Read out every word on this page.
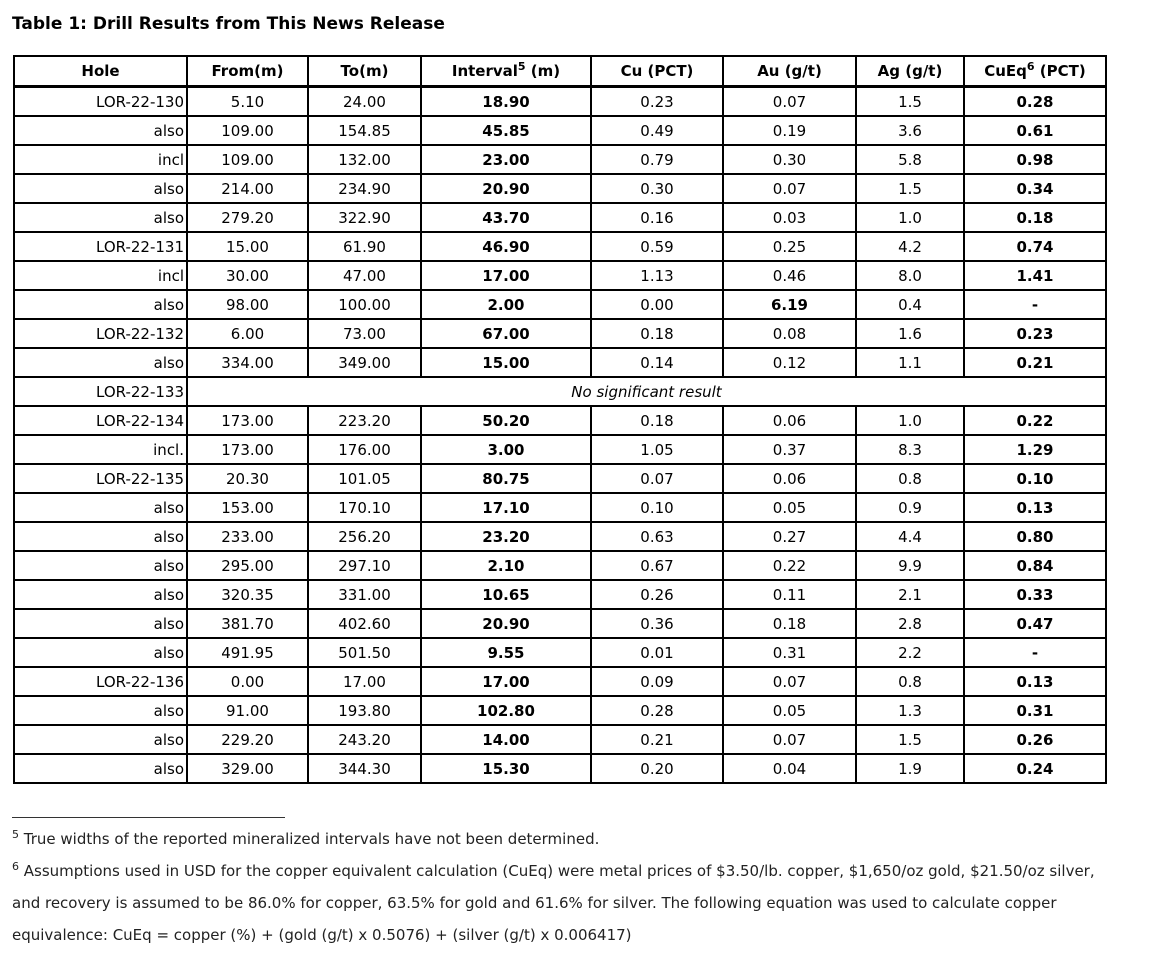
Table 1: Drill Results from This News Release
Hole	From(m)	To(m)	Interval$^5$ (m)	Cu (PCT)	Au (g/t)	Ag (g/t)	CuEq$^6$ (PCT)
LOR-22-130	5.10	24.00	18.90	0.23	0.07	1.5	0.28
also	109.00	154.85	45.85	0.49	0.19	3.6	0.61
incl	109.00	132.00	23.00	0.79	0.30	5.8	0.98
also	214.00	234.90	20.90	0.30	0.07	1.5	0.34
also	279.20	322.90	43.70	0.16	0.03	1.0	0.18
LOR-22-131	15.00	61.90	46.90	0.59	0.25	4.2	0.74
incl	30.00	47.00	17.00	1.13	0.46	8.0	1.41
also	98.00	100.00	2.00	0.00	6.19	0.4	-
LOR-22-132	6.00	73.00	67.00	0.18	0.08	1.6	0.23
also	334.00	349.00	15.00	0.14	0.12	1.1	0.21
LOR-22-133	No significant result						
LOR-22-134	173.00	223.20	50.20	0.18	0.06	1.0	0.22
incl.	173.00	176.00	3.00	1.05	0.37	8.3	1.29
LOR-22-135	20.30	101.05	80.75	0.07	0.06	0.8	0.10
also	153.00	170.10	17.10	0.10	0.05	0.9	0.13
also	233.00	256.20	23.20	0.63	0.27	4.4	0.80
also	295.00	297.10	2.10	0.67	0.22	9.9	0.84
also	320.35	331.00	10.65	0.26	0.11	2.1	0.33
also	381.70	402.60	20.90	0.36	0.18	2.8	0.47
also	491.95	501.50	9.55	0.01	0.31	2.2	-
LOR-22-136	0.00	17.00	17.00	0.09	0.07	0.8	0.13
also	91.00	193.80	102.80	0.28	0.05	1.3	0.31
also	229.20	243.20	14.00	0.21	0.07	1.5	0.26
also	329.00	344.30	15.30	0.20	0.04	1.9	0.24

$^5$ True widths of the reported mineralized intervals have not been determined.

$^6$ Assumptions used in USD for the copper equivalent calculation (CuEq) were metal prices of $3.50/lb. copper, $1,650/oz gold, $21.50/oz silver, and recovery is assumed to be 86.0% for copper, 63.5% for gold and 61.6% for silver. The following equation was used to calculate copper equivalence: CuEq = copper (%) + (gold (g/t) x 0.5076) + (silver (g/t) x 0.006417)
